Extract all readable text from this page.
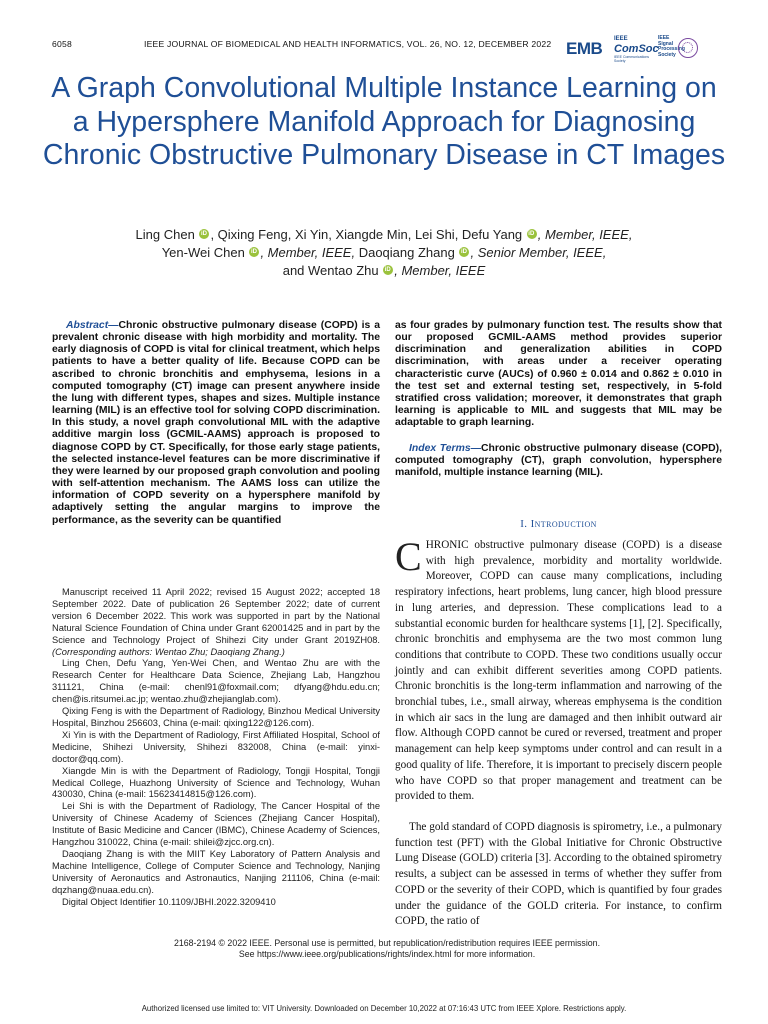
6058	IEEE JOURNAL OF BIOMEDICAL AND HEALTH INFORMATICS, VOL. 26, NO. 12, DECEMBER 2022 EMB IEEE
ComSoc
IEEE Communications Society
IEEE Signal Processing Society
A Graph Convolutional Multiple Instance Learning on a Hypersphere Manifold Approach for Diagnosing Chronic Obstructive Pulmonary Disease in CT Images
Ling Chen iD , Qixing Feng, Xi Yin, Xiangde Min, Lei Shi, Defu Yang iD , Member, IEEE,
Yen-Wei Chen iD , Member, IEEE, Daoqiang Zhang iD , Senior Member, IEEE,
and Wentao Zhu iD , Member, IEEE
Abstract—Chronic obstructive pulmonary disease (COPD) is a prevalent chronic disease with high morbidity and mortality. The early diagnosis of COPD is vital for clinical treatment, which helps patients to have a better quality of life. Because COPD can be ascribed to chronic bronchitis and emphysema, lesions in a computed tomography (CT) image can present anywhere inside the lung with different types, shapes and sizes. Multiple instance learning (MIL) is an effective tool for solving COPD discrimination. In this study, a novel graph convolutional MIL with the adaptive additive margin loss (GCMIL-AAMS) approach is proposed to diagnose COPD by CT. Specifically, for those early stage patients, the selected instance-level features can be more discriminative if they were learned by our proposed graph convolution and pooling with self-attention mechanism. The AAMS loss can utilize the information of COPD severity on a hypersphere manifold by adaptively setting the angular margins to improve the performance, as the severity can be quantified
as four grades by pulmonary function test. The results show that our proposed GCMIL-AAMS method provides superior discrimination and generalization abilities in COPD discrimination, with areas under a receiver operating characteristic curve (AUCs) of 0.960 ± 0.014 and 0.862 ± 0.010 in the test set and external testing set, respectively, in 5-fold stratified cross validation; moreover, it demonstrates that graph learning is applicable to MIL and suggests that MIL may be adaptable to graph learning.
Index Terms—Chronic obstructive pulmonary disease (COPD), computed tomography (CT), graph convolution, hypersphere manifold, multiple instance learning (MIL).
I. Introduction
CHRONIC obstructive pulmonary disease (COPD) is a disease with high prevalence, morbidity and mortality worldwide. Moreover, COPD can cause many complications, including respiratory infections, heart problems, lung cancer, high blood pressure in lung arteries, and depression. These complications lead to a substantial economic burden for healthcare systems [1], [2]. Specifically, chronic bronchitis and emphysema are the two most common lung conditions that contribute to COPD. These two conditions usually occur jointly and can exhibit different severities among COPD patients. Chronic bronchitis is the long-term inflammation and narrowing of the bronchial tubes, i.e., small airway, whereas emphysema is the condition in which air sacs in the lung are damaged and then inhibit outward air flow. Although COPD cannot be cured or reversed, treatment and proper management can help keep symptoms under control and can result in a good quality of life. Therefore, it is important to precisely discern people who have COPD so that proper management and treatment can be provided to them.
The gold standard of COPD diagnosis is spirometry, i.e., a pulmonary function test (PFT) with the Global Initiative for Chronic Obstructive Lung Disease (GOLD) criteria [3]. According to the obtained spirometry results, a subject can be assessed in terms of whether they suffer from COPD or the severity of their COPD, which is quantified by four grades under the guidance of the GOLD criteria. For instance, to confirm COPD, the ratio of

Manuscript received 11 April 2022; revised 15 August 2022; accepted 18 September 2022. Date of publication 26 September 2022; date of current version 6 December 2022. This work was supported in part by the National Natural Science Foundation of China under Grant 62001425 and in part by the Science and Technology Project of Shihezi City under Grant 2019ZH08. (Corresponding authors: Wentao Zhu; Daoqiang Zhang.)

Ling Chen, Defu Yang, Yen-Wei Chen, and Wentao Zhu are with the Research Center for Healthcare Data Science, Zhejiang Lab, Hangzhou 311121, China (e-mail: chenl91@foxmail.com; dfyang@hdu.edu.cn; chen@is.ritsumei.ac.jp; wentao.zhu@zhejianglab.com).

Qixing Feng is with the Department of Radiology, Binzhou Medical University Hospital, Binzhou 256603, China (e-mail: qixing122@126.com).

Xi Yin is with the Department of Radiology, First Affiliated Hospital, School of Medicine, Shihezi University, Shihezi 832008, China (e-mail: yinxi-doctor@qq.com).

Xiangde Min is with the Department of Radiology, Tongji Hospital, Tongji Medical College, Huazhong University of Science and Technology, Wuhan 430030, China (e-mail: 15623414815@126.com).

Lei Shi is with the Department of Radiology, The Cancer Hospital of the University of Chinese Academy of Sciences (Zhejiang Cancer Hospital), Institute of Basic Medicine and Cancer (IBMC), Chinese Academy of Sciences, Hangzhou 310022, China (e-mail: shilei@zjcc.org.cn).

Daoqiang Zhang is with the MIIT Key Laboratory of Pattern Analysis and Machine Intelligence, College of Computer Science and Technology, Nanjing University of Aeronautics and Astronautics, Nanjing 211106, China (e-mail: dqzhang@nuaa.edu.cn).

Digital Object Identifier 10.1109/JBHI.2022.3209410

2168-2194 © 2022 IEEE. Personal use is permitted, but republication/redistribution requires IEEE permission.
See https://www.ieee.org/publications/rights/index.html for more information.
Authorized licensed use limited to: VIT University. Downloaded on December 10,2022 at 07:16:43 UTC from IEEE Xplore. Restrictions apply.
